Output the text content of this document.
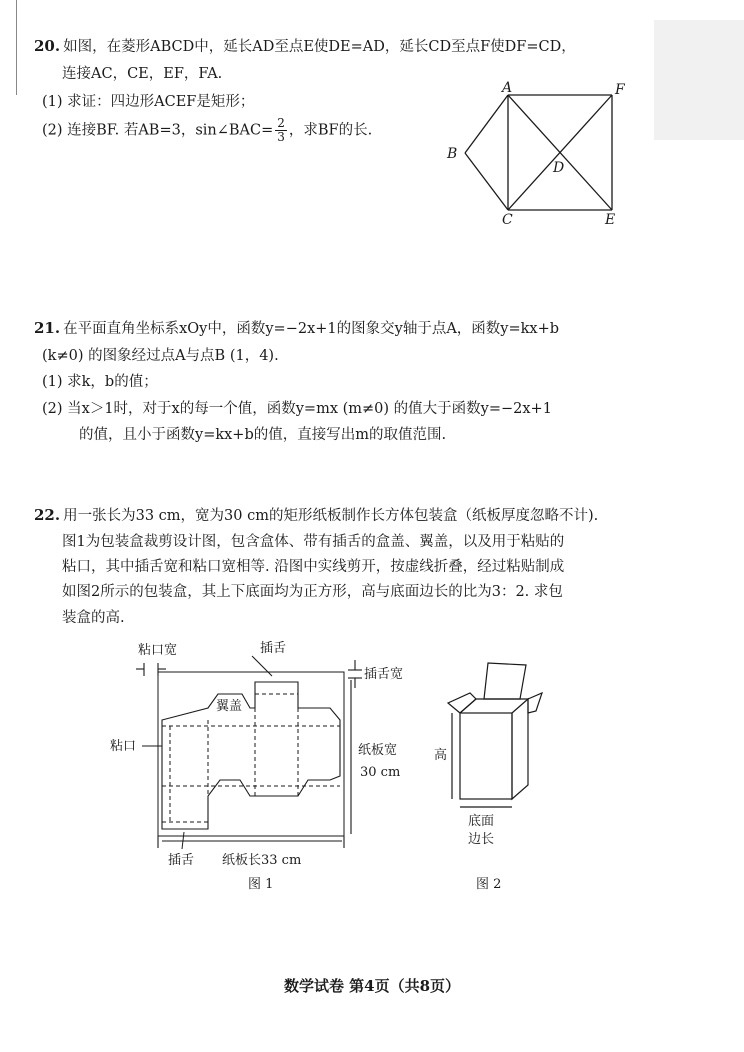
20. 如图，在菱形ABCD中，延长AD至点E使DE=AD，延长CD至点F使DF=CD，
连接AC，CE，EF，FA.
(1) 求证：四边形ACEF是矩形；
(2) 连接BF. 若AB=3，sin∠BAC= $\frac{2}{3}$ ，求BF的长.
A	F
B
D
C	E
21. 在平面直角坐标系xOy中，函数y=−2x+1的图象交y轴于点A，函数y=kx+b
(k≠0) 的图象经过点A与点B (1，4).
(1) 求k，b的值；
(2) 当x＞1时，对于x的每一个值，函数y=mx (m≠0) 的值大于函数y=−2x+1
的值，且小于函数y=kx+b的值，直接写出m的取值范围.
22. 用一张长为33 cm，宽为30 cm的矩形纸板制作长方体包装盒（纸板厚度忽略不计).
图1为包装盒裁剪设计图，包含盒体、带有插舌的盒盖、翼盖，以及用于粘贴的
粘口，其中插舌宽和粘口宽相等. 沿图中实线剪开，按虚线折叠，经过粘贴制成
如图2所示的包装盒，其上下底面均为正方形，高与底面边长的比为3：2. 求包
装盒的高.
粘口宽	插舌
插舌宽
翼盖
粘口	纸板宽
30 cm
插舌 纸板长33 cm
图 1
高
底面
边长
图 2
数学试卷 第4页（共8页）
